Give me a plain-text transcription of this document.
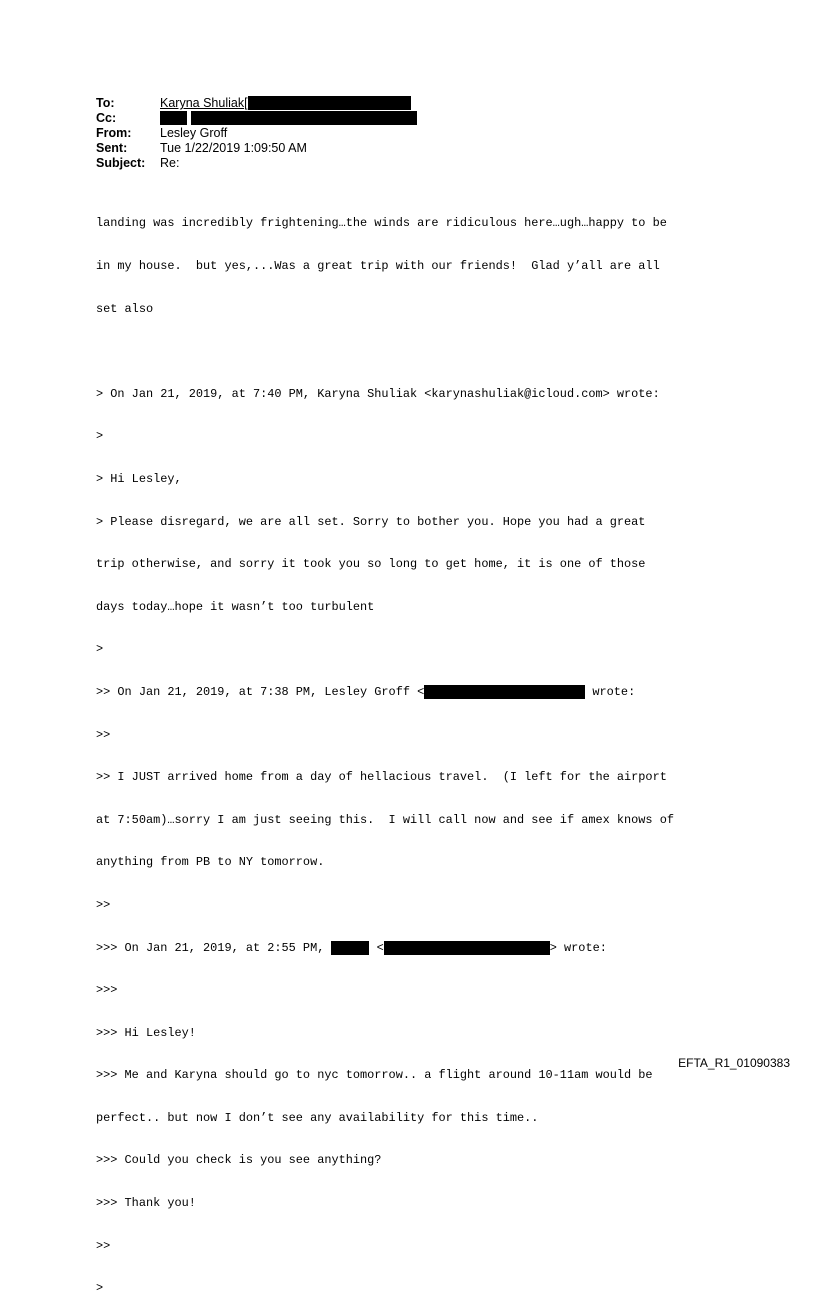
To:	Karyna Shuliak[
Cc:
From:	Lesley Groff
Sent:	Tue 1/22/2019 1:09:50 AM
Subject:	Re:

landing was incredibly frightening…the winds are ridiculous here…ugh…happy to be

in my house.  but yes,...Was a great trip with our friends!  Glad y’all are all

set also

> On Jan 21, 2019, at 7:40 PM, Karyna Shuliak <karynashuliak@icloud.com> wrote:

>

> Hi Lesley,

> Please disregard, we are all set. Sorry to bother you. Hope you had a great

trip otherwise, and sorry it took you so long to get home, it is one of those

days today…hope it wasn’t too turbulent

>

>> On Jan 21, 2019, at 7:38 PM, Lesley Groff <	wrote:

>>

>> I JUST arrived home from a day of hellacious travel.  (I left for the airport

at 7:50am)…sorry I am just seeing this.  I will call now and see if amex knows of

anything from PB to NY tomorrow.

>>

>>> On Jan 21, 2019, at 2:55 PM,	<	> wrote:

>>>

>>> Hi Lesley!

>>> Me and Karyna should go to nyc tomorrow.. a flight around 10-11am would be

perfect.. but now I don’t see any availability for this time..

>>> Could you check is you see anything?

>>> Thank you!

>>

>

EFTA_R1_01090383
